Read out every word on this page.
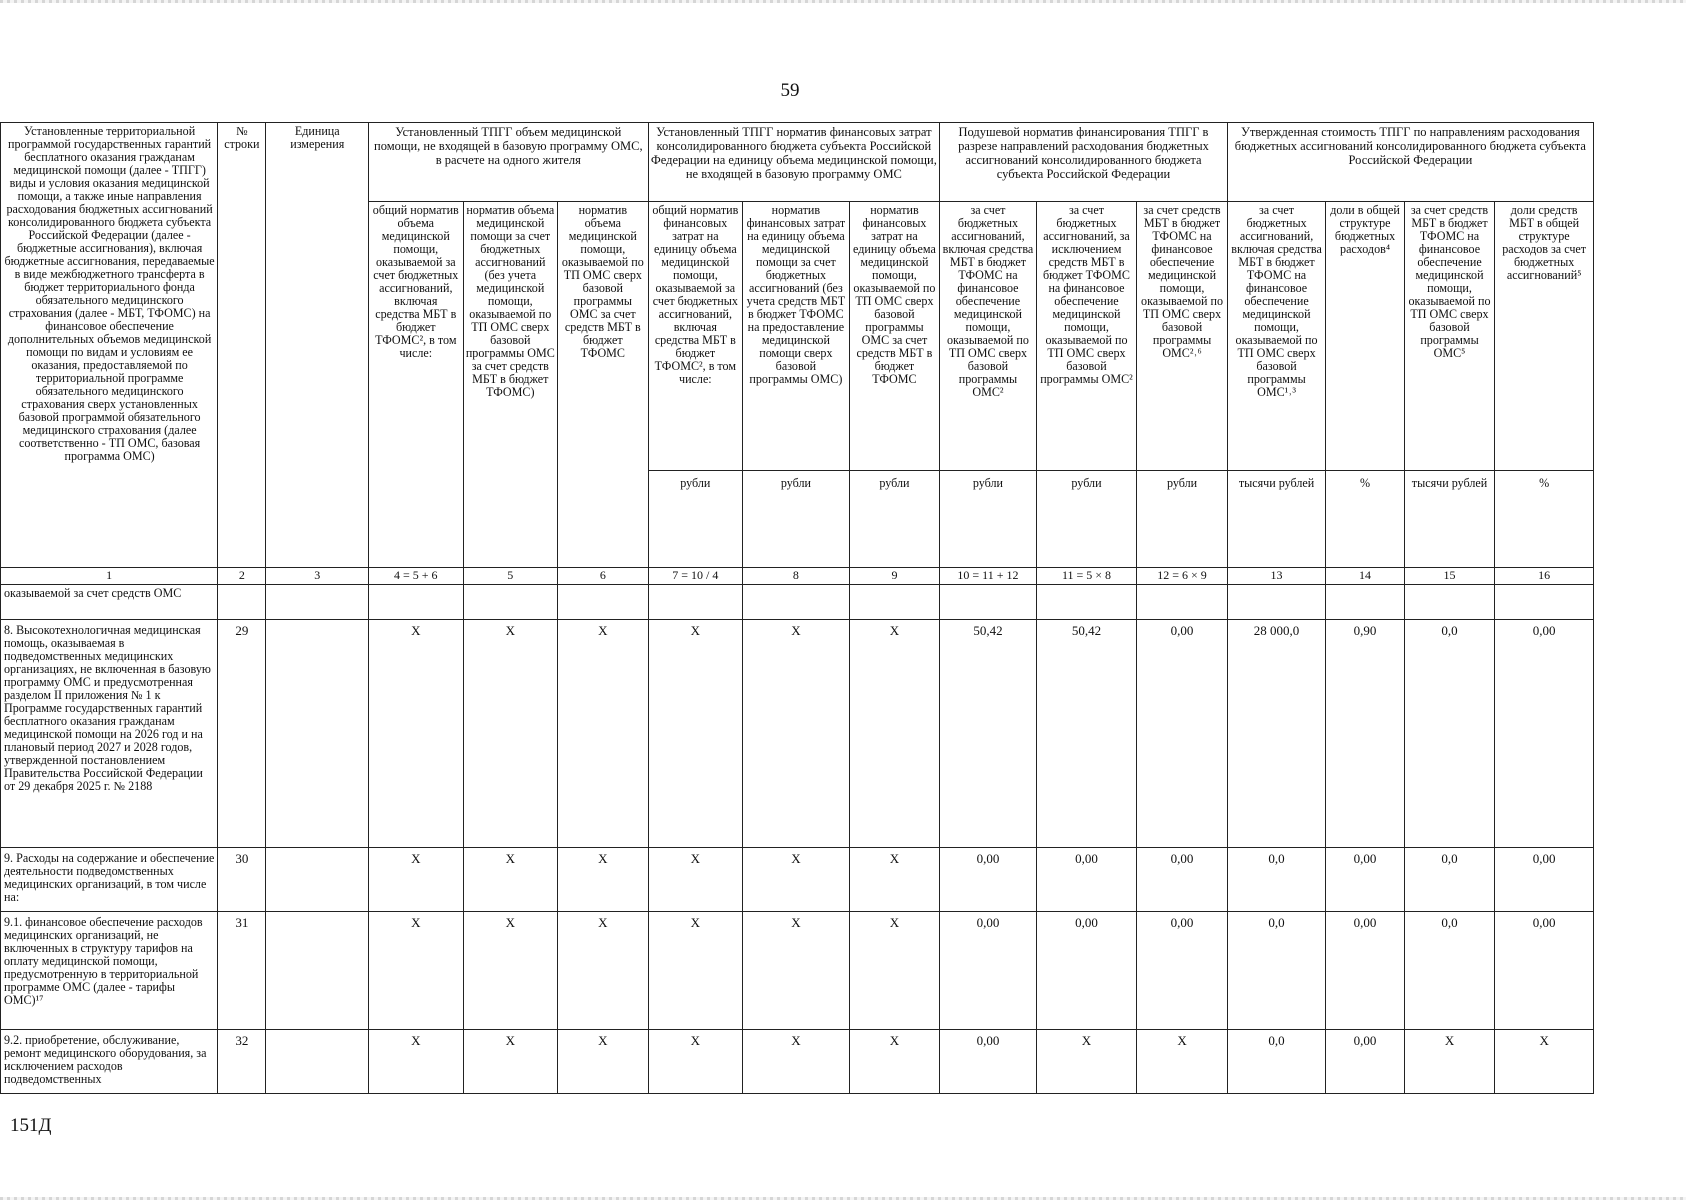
59
Установленные территориальной программой государственных гарантий бесплатного оказания гражданам медицинской помощи (далее - ТПГГ) виды и условия оказания медицинской помощи, а также иные направления расходования бюджетных ассигнований консолидированного бюджета субъекта Российской Федерации (далее - бюджетные ассигнования), включая бюджетные ассигнования, передаваемые в виде межбюджетного трансферта в бюджет территориального фонда обязательного медицинского страхования (далее - МБТ, ТФОМС) на финансовое обеспечение дополнительных объемов медицинской помощи по видам и условиям ее оказания, предоставляемой по территориальной программе обязательного медицинского страхования сверх установленных базовой программой обязательного медицинского страхования (далее соответственно - ТП ОМС, базовая программа ОМС)	№ строки	Единица измерения	Установленный ТПГГ объем медицинской помощи, не входящей в базовую программу ОМС, в расчете на одного жителя			Установленный ТПГГ норматив финансовых затрат консолидированного бюджета субъекта Российской Федерации на единицу объема медицинской помощи, не входящей в базовую программу ОМС			Подушевой норматив финансирования ТПГГ в разрезе направлений расходования бюджетных ассигнований консолидированного бюджета субъекта Российской Федерации			Утвержденная стоимость ТПГГ по направлениям расходования бюджетных ассигнований консолидированного бюджета субъекта Российской Федерации			
			общий норматив объема медицинской помощи, оказываемой за счет бюджетных ассигнований, включая средства МБТ в бюджет ТФОМС², в том числе:	норматив объема медицинской помощи за счет бюджетных ассигнований (без учета медицинской помощи, оказываемой по ТП ОМС сверх базовой программы ОМС за счет средств МБТ в бюджет ТФОМС)	норматив объема медицинской помощи, оказываемой по ТП ОМС сверх базовой программы ОМС за счет средств МБТ в бюджет ТФОМС	общий норматив финансовых затрат на единицу объема медицинской помощи, оказываемой за счет бюджетных ассигнований, включая средства МБТ в бюджет ТФОМС², в том числе:	норматив финансовых затрат на единицу объема медицинской помощи за счет бюджетных ассигнований (без учета средств МБТ в бюджет ТФОМС на предоставление медицинской помощи сверх базовой программы ОМС)	норматив финансовых затрат на единицу объема медицинской помощи, оказываемой по ТП ОМС сверх базовой программы ОМС за счет средств МБТ в бюджет ТФОМС	за счет бюджетных ассигнований, включая средства МБТ в бюджет ТФОМС на финансовое обеспечение медицинской помощи, оказываемой по ТП ОМС сверх базовой программы ОМС²	за счет бюджетных ассигнований, за исключением средств МБТ в бюджет ТФОМС на финансовое обеспечение медицинской помощи, оказываемой по ТП ОМС сверх базовой программы ОМС²	за счет средств МБТ в бюджет ТФОМС на финансовое обеспечение медицинской помощи, оказываемой по ТП ОМС сверх базовой программы ОМС²˒⁶	за счет бюджетных ассигнований, включая средства МБТ в бюджет ТФОМС на финансовое обеспечение медицинской помощи, оказываемой по ТП ОМС сверх базовой программы ОМС¹˒³	доли в общей структуре бюджетных расходов⁴	за счет средств МБТ в бюджет ТФОМС на финансовое обеспечение медицинской помощи, оказываемой по ТП ОМС сверх базовой программы ОМС⁵	доли средств МБТ в общей структуре расходов за счет бюджетных ассигнований⁵
						рубли	рубли	рубли	рубли	рубли	рубли	тысячи рублей	%	тысячи рублей	%
1	2	3	4 = 5 + 6	5	6	7 = 10 / 4	8	9	10 = 11 + 12	11 = 5 × 8	12 = 6 × 9	13	14	15	16
оказываемой за счет средств ОМС															
8. Высокотехнологичная медицинская помощь, оказываемая в подведомственных медицинских организациях, не включенная в базовую программу ОМС и предусмотренная разделом II приложения № 1 к Программе государственных гарантий бесплатного оказания гражданам медицинской помощи на 2026 год и на плановый период 2027 и 2028 годов, утвержденной постановлением Правительства Российской Федерации от 29 декабря 2025 г. № 2188	29		X	X	X	X	X	X	50,42	50,42	0,00	28 000,0	0,90	0,0	0,00
9. Расходы на содержание и обеспечение деятельности подведомственных медицинских организаций, в том числе на:	30		X	X	X	X	X	X	0,00	0,00	0,00	0,0	0,00	0,0	0,00
9.1. финансовое обеспечение расходов медицинских организаций, не включенных в структуру тарифов на оплату медицинской помощи, предусмотренную в территориальной программе ОМС (далее - тарифы ОМС)¹⁷	31		X	X	X	X	X	X	0,00	0,00	0,00	0,0	0,00	0,0	0,00
9.2. приобретение, обслуживание, ремонт медицинского оборудования, за исключением расходов подведомственных	32		X	X	X	X	X	X	0,00	X	X	0,0	0,00	X	X
151Д
